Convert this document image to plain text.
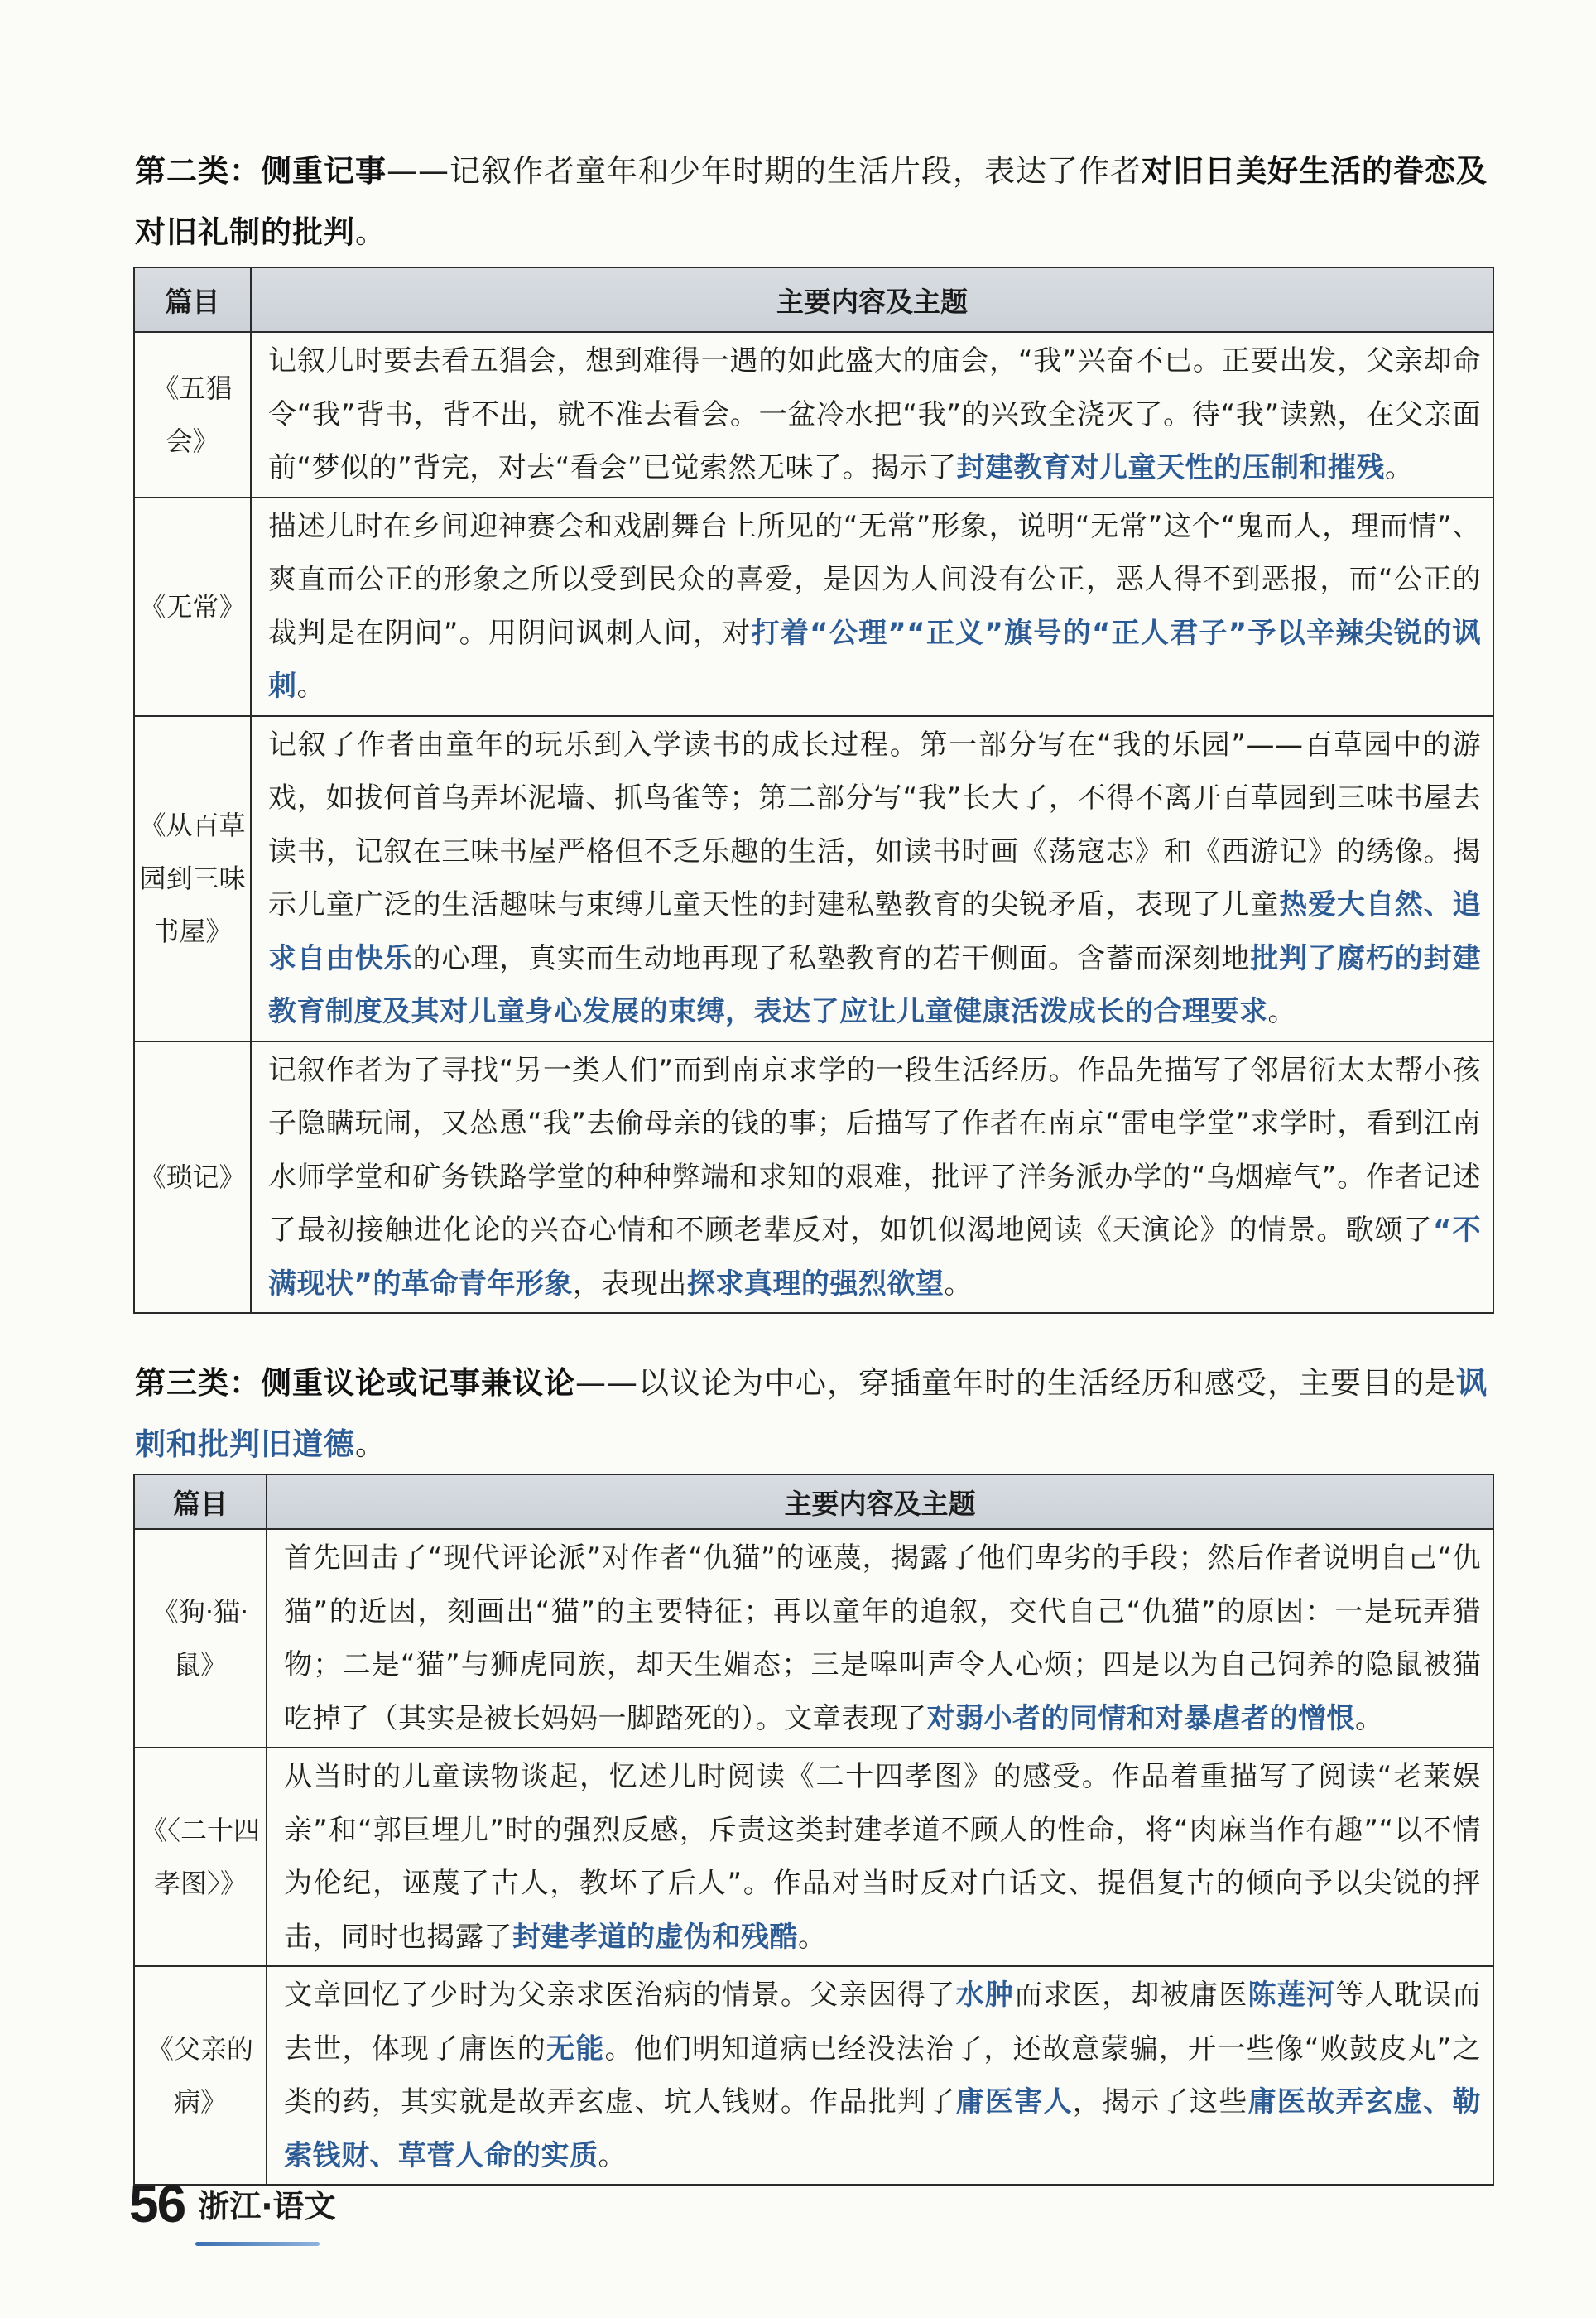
第二类：侧重记事——记叙作者童年和少年时期的生活片段，表达了作者对旧日美好生活的眷恋及对旧礼制的批判。
篇目	主要内容及主题
《五猖会》	记叙儿时要去看五猖会，想到难得一遇的如此盛大的庙会，“我”兴奋不已。正要出发，父亲却命令“我”背书，背不出，就不准去看会。一盆冷水把“我”的兴致全浇灭了。待“我”读熟，在父亲面前“梦似的”背完，对去“看会”已觉索然无味了。揭示了封建教育对儿童天性的压制和摧残。
《无常》	描述儿时在乡间迎神赛会和戏剧舞台上所见的“无常”形象，说明“无常”这个“鬼而人，理而情”、爽直而公正的形象之所以受到民众的喜爱，是因为人间没有公正，恶人得不到恶报，而“公正的裁判是在阴间”。用阴间讽刺人间，对打着“公理”“正义”旗号的“正人君子”予以辛辣尖锐的讽刺。
《从百草园到三味书屋》	记叙了作者由童年的玩乐到入学读书的成长过程。第一部分写在“我的乐园”——百草园中的游戏，如拔何首乌弄坏泥墙、抓鸟雀等；第二部分写“我”长大了，不得不离开百草园到三味书屋去读书，记叙在三味书屋严格但不乏乐趣的生活，如读书时画《荡寇志》和《西游记》的绣像。揭示儿童广泛的生活趣味与束缚儿童天性的封建私塾教育的尖锐矛盾，表现了儿童热爱大自然、追求自由快乐的心理，真实而生动地再现了私塾教育的若干侧面。含蓄而深刻地批判了腐朽的封建教育制度及其对儿童身心发展的束缚，表达了应让儿童健康活泼成长的合理要求。
《琐记》	记叙作者为了寻找“另一类人们”而到南京求学的一段生活经历。作品先描写了邻居衍太太帮小孩子隐瞒玩闹，又怂恿“我”去偷母亲的钱的事；后描写了作者在南京“雷电学堂”求学时，看到江南水师学堂和矿务铁路学堂的种种弊端和求知的艰难，批评了洋务派办学的“乌烟瘴气”。作者记述了最初接触进化论的兴奋心情和不顾老辈反对，如饥似渴地阅读《天演论》的情景。歌颂了“不满现状”的革命青年形象，表现出探求真理的强烈欲望。
第三类：侧重议论或记事兼议论——以议论为中心，穿插童年时的生活经历和感受，主要目的是讽刺和批判旧道德。
篇目	主要内容及主题
《狗·猫·鼠》	首先回击了“现代评论派”对作者“仇猫”的诬蔑，揭露了他们卑劣的手段；然后作者说明自己“仇猫”的近因，刻画出“猫”的主要特征；再以童年的追叙，交代自己“仇猫”的原因：一是玩弄猎物；二是“猫”与狮虎同族，却天生媚态；三是嗥叫声令人心烦；四是以为自己饲养的隐鼠被猫吃掉了（其实是被长妈妈一脚踏死的）。文章表现了对弱小者的同情和对暴虐者的憎恨。
《〈二十四孝图〉》	从当时的儿童读物谈起，忆述儿时阅读《二十四孝图》的感受。作品着重描写了阅读“老莱娱亲”和“郭巨埋儿”时的强烈反感，斥责这类封建孝道不顾人的性命，将“肉麻当作有趣”“以不情为伦纪，诬蔑了古人，教坏了后人”。作品对当时反对白话文、提倡复古的倾向予以尖锐的抨击，同时也揭露了封建孝道的虚伪和残酷。
《父亲的病》	文章回忆了少时为父亲求医治病的情景。父亲因得了水肿而求医，却被庸医陈莲河等人耽误而去世，体现了庸医的无能。他们明知道病已经没法治了，还故意蒙骗，开一些像“败鼓皮丸”之类的药，其实就是故弄玄虚、坑人钱财。作品批判了庸医害人，揭示了这些庸医故弄玄虚、勒索钱财、草菅人命的实质。
56 浙江·语文
